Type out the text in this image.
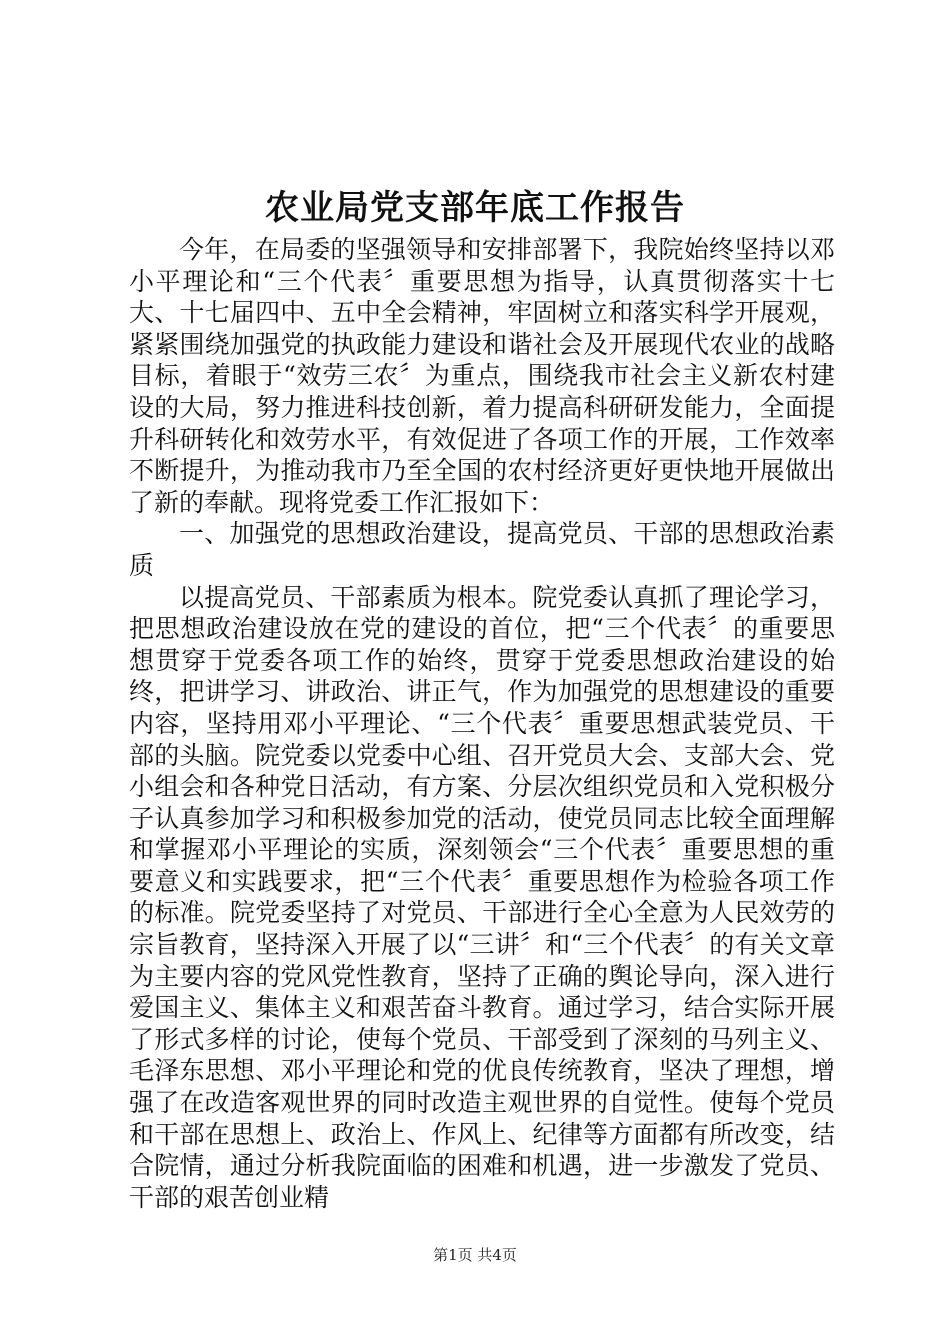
农业局党支部年底工作报告

今年，在局委的坚强领导和安排部署下，我院始终坚持以邓小平理论和“三个代表〞重要思想为指导，认真贯彻落实十七大、十七届四中、五中全会精神，牢固树立和落实科学开展观，紧紧围绕加强党的执政能力建设和谐社会及开展现代农业的战略目标，着眼于“效劳三农〞为重点，围绕我市社会主义新农村建设的大局，努力推进科技创新，着力提高科研研发能力，全面提升科研转化和效劳水平，有效促进了各项工作的开展，工作效率不断提升，为推动我市乃至全国的农村经济更好更快地开展做出了新的奉献。现将党委工作汇报如下：

一、加强党的思想政治建设，提高党员、干部的思想政治素质

以提高党员、干部素质为根本。院党委认真抓了理论学习，把思想政治建设放在党的建设的首位，把“三个代表〞的重要思想贯穿于党委各项工作的始终，贯穿于党委思想政治建设的始终，把讲学习、讲政治、讲正气，作为加强党的思想建设的重要内容，坚持用邓小平理论、“三个代表〞重要思想武装党员、干部的头脑。院党委以党委中心组、召开党员大会、支部大会、党小组会和各种党日活动，有方案、分层次组织党员和入党积极分子认真参加学习和积极参加党的活动，使党员同志比较全面理解和掌握邓小平理论的实质，深刻领会“三个代表〞重要思想的重要意义和实践要求，把“三个代表〞重要思想作为检验各项工作的标准。院党委坚持了对党员、干部进行全心全意为人民效劳的宗旨教育，坚持深入开展了以“三讲〞和“三个代表〞的有关文章为主要内容的党风党性教育，坚持了正确的舆论导向，深入进行爱国主义、集体主义和艰苦奋斗教育。通过学习，结合实际开展了形式多样的讨论，使每个党员、干部受到了深刻的马列主义、毛泽东思想、邓小平理论和党的优良传统教育，坚决了理想，增强了在改造客观世界的同时改造主观世界的自觉性。使每个党员和干部在思想上、政治上、作风上、纪律等方面都有所改变，结合院情，通过分析我院面临的困难和机遇，进一步激发了党员、干部的艰苦创业精

第1页 共4页
